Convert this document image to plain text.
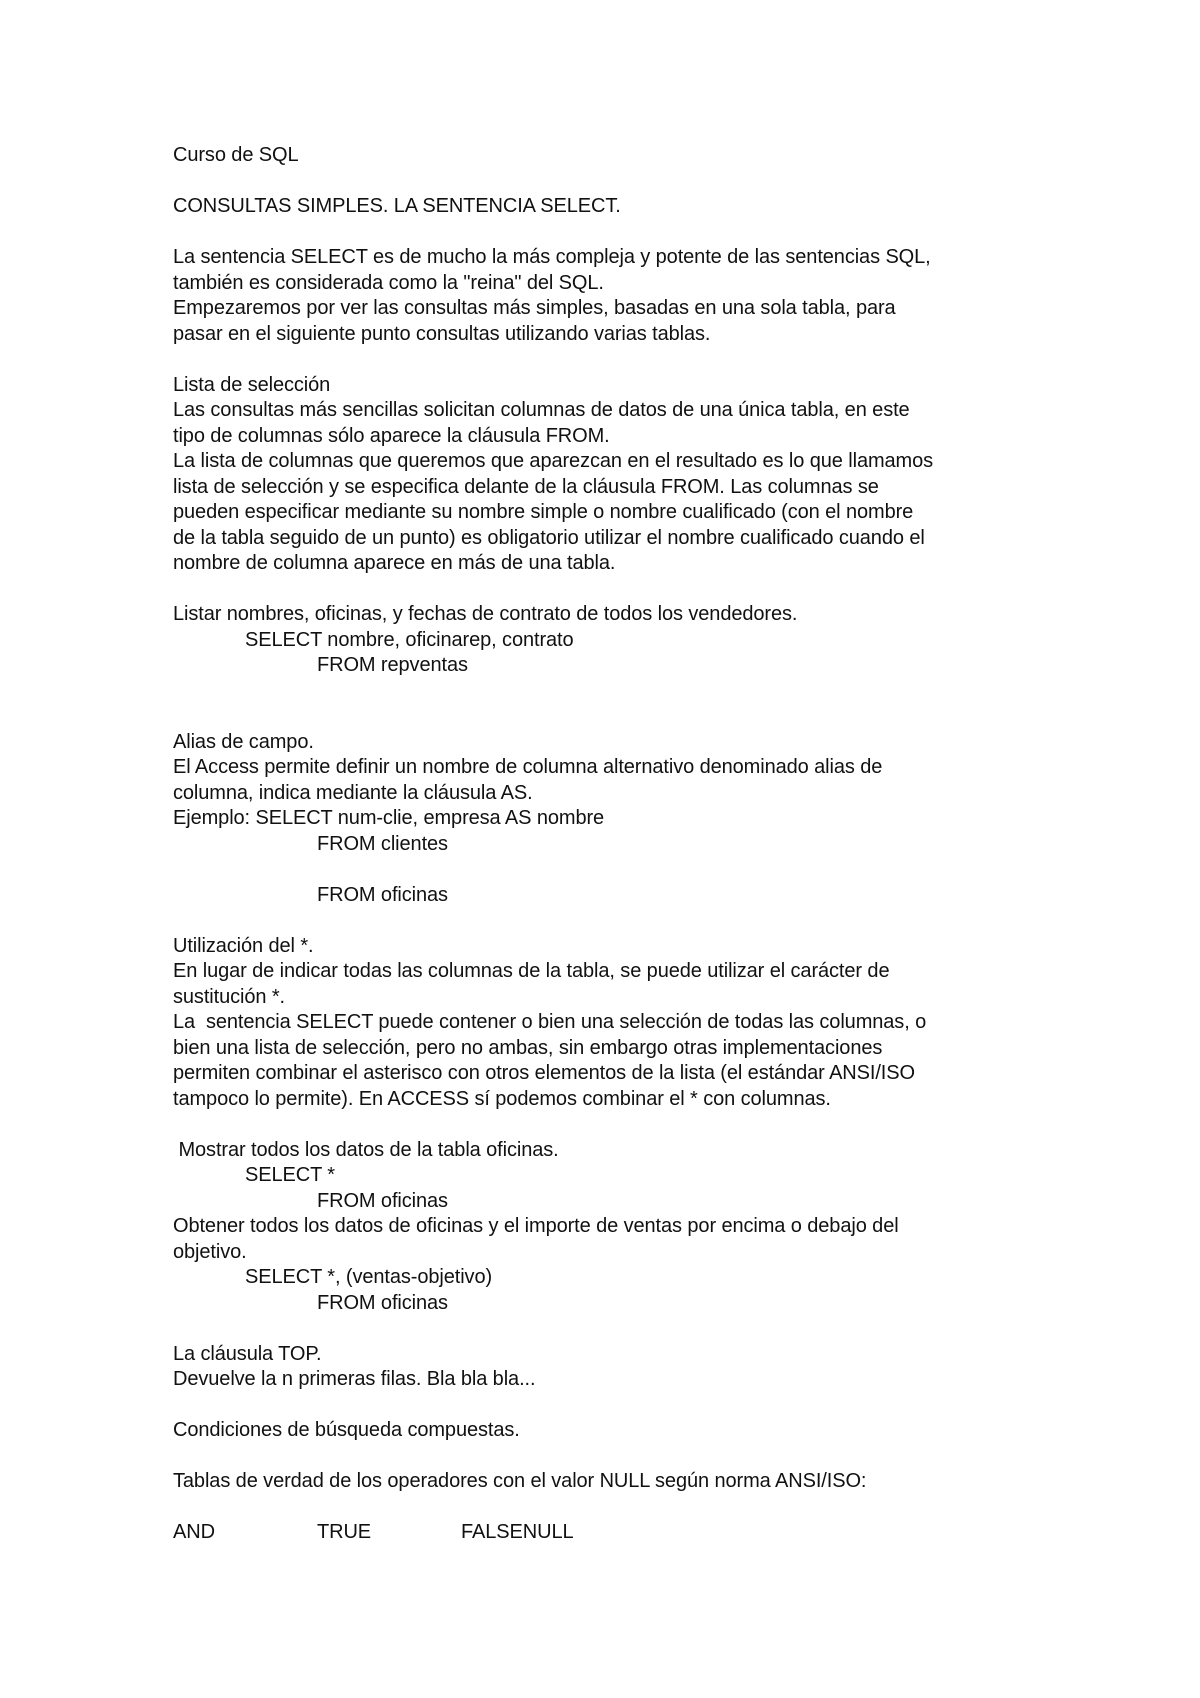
Curso de SQL
CONSULTAS SIMPLES. LA SENTENCIA SELECT.
La sentencia SELECT es de mucho la más compleja y potente de las sentencias SQL,
también es considerada como la "reina" del SQL.
Empezaremos por ver las consultas más simples, basadas en una sola tabla, para
pasar en el siguiente punto consultas utilizando varias tablas.
Lista de selección
Las consultas más sencillas solicitan columnas de datos de una única tabla, en este
tipo de columnas sólo aparece la cláusula FROM.
La lista de columnas que queremos que aparezcan en el resultado es lo que llamamos
lista de selección y se especifica delante de la cláusula FROM. Las columnas se
pueden especificar mediante su nombre simple o nombre cualificado (con el nombre
de la tabla seguido de un punto) es obligatorio utilizar el nombre cualificado cuando el
nombre de columna aparece en más de una tabla.
Listar nombres, oficinas, y fechas de contrato de todos los vendedores.
SELECT nombre, oficinarep, contrato
FROM repventas
Alias de campo.
El Access permite definir un nombre de columna alternativo denominado alias de
columna, indica mediante la cláusula AS.
Ejemplo: SELECT num-clie, empresa AS nombre
FROM clientes
FROM oficinas
Utilización del *.
En lugar de indicar todas las columnas de la tabla, se puede utilizar el carácter de
sustitución *.
La  sentencia SELECT puede contener o bien una selección de todas las columnas, o
bien una lista de selección, pero no ambas, sin embargo otras implementaciones
permiten combinar el asterisco con otros elementos de la lista (el estándar ANSI/ISO
tampoco lo permite). En ACCESS sí podemos combinar el * con columnas.
Mostrar todos los datos de la tabla oficinas.
SELECT *
FROM oficinas
Obtener todos los datos de oficinas y el importe de ventas por encima o debajo del
objetivo.
SELECT *, (ventas-objetivo)
FROM oficinas
La cláusula TOP.
Devuelve la n primeras filas. Bla bla bla...
Condiciones de búsqueda compuestas.
Tablas de verdad de los operadores con el valor NULL según norma ANSI/ISO:
AND	TRUE	FALSE NULL
